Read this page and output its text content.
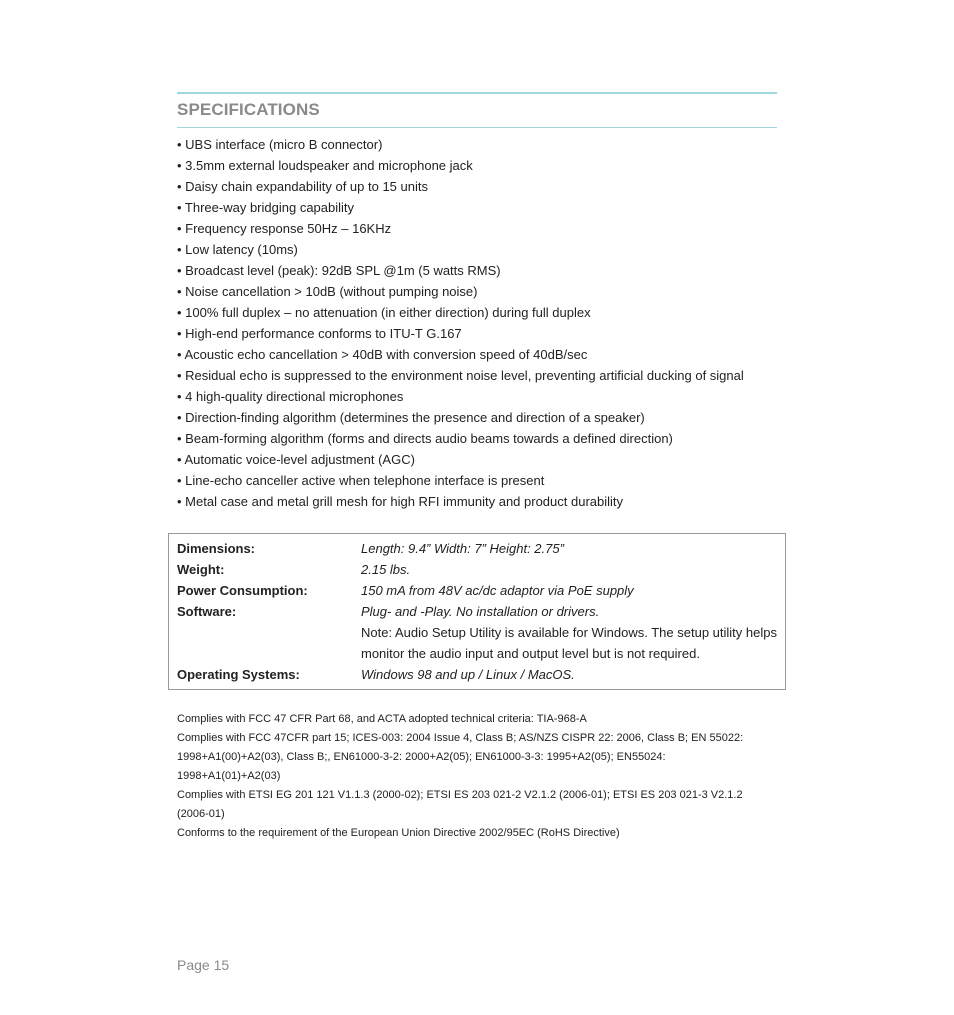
SPECIFICATIONS
• UBS interface (micro B connector)
• 3.5mm external loudspeaker and microphone jack
• Daisy chain expandability of up to 15 units
• Three-way bridging capability
• Frequency response 50Hz – 16KHz
• Low latency (10ms)
• Broadcast level (peak): 92dB SPL @1m (5 watts RMS)
• Noise cancellation > 10dB (without pumping noise)
• 100% full duplex – no attenuation (in either direction) during full duplex
• High-end performance conforms to ITU-T G.167
• Acoustic echo cancellation > 40dB with conversion speed of 40dB/sec
• Residual echo is suppressed to the environment noise level, preventing artificial ducking of signal
• 4 high-quality directional microphones
• Direction-finding algorithm (determines the presence and direction of a speaker)
• Beam-forming algorithm (forms and directs audio beams towards a defined direction)
• Automatic voice-level adjustment (AGC)
• Line-echo canceller active when telephone interface is present
• Metal case and metal grill mesh for high RFI immunity and product durability
Dimensions:	Length: 9.4” Width: 7” Height: 2.75”
Weight:	2.15 lbs.
Power Consumption:	150 mA from 48V ac/dc adaptor via PoE supply
Software:	Plug- and -Play. No installation or drivers.
	Note: Audio Setup Utility is available for Windows. The setup utility helps monitor the audio input and output level but is not required.
Operating Systems:	Windows 98 and up / Linux / MacOS.

Complies with FCC 47 CFR Part 68, and ACTA adopted technical criteria: TIA-968-A

Complies with FCC 47CFR part 15; ICES-003: 2004 Issue 4, Class B; AS/NZS CISPR 22: 2006, Class B; EN 55022: 1998+A1(00)+A2(03), Class B;, EN61000-3-2: 2000+A2(05); EN61000-3-3: 1995+A2(05); EN55024: 1998+A1(01)+A2(03)

Complies with ETSI EG 201 121 V1.1.3 (2000-02); ETSI ES 203 021-2 V2.1.2 (2006-01); ETSI ES 203 021-3 V2.1.2 (2006-01)

Conforms to the requirement of the European Union Directive 2002/95EC (RoHS Directive)

Page 15
